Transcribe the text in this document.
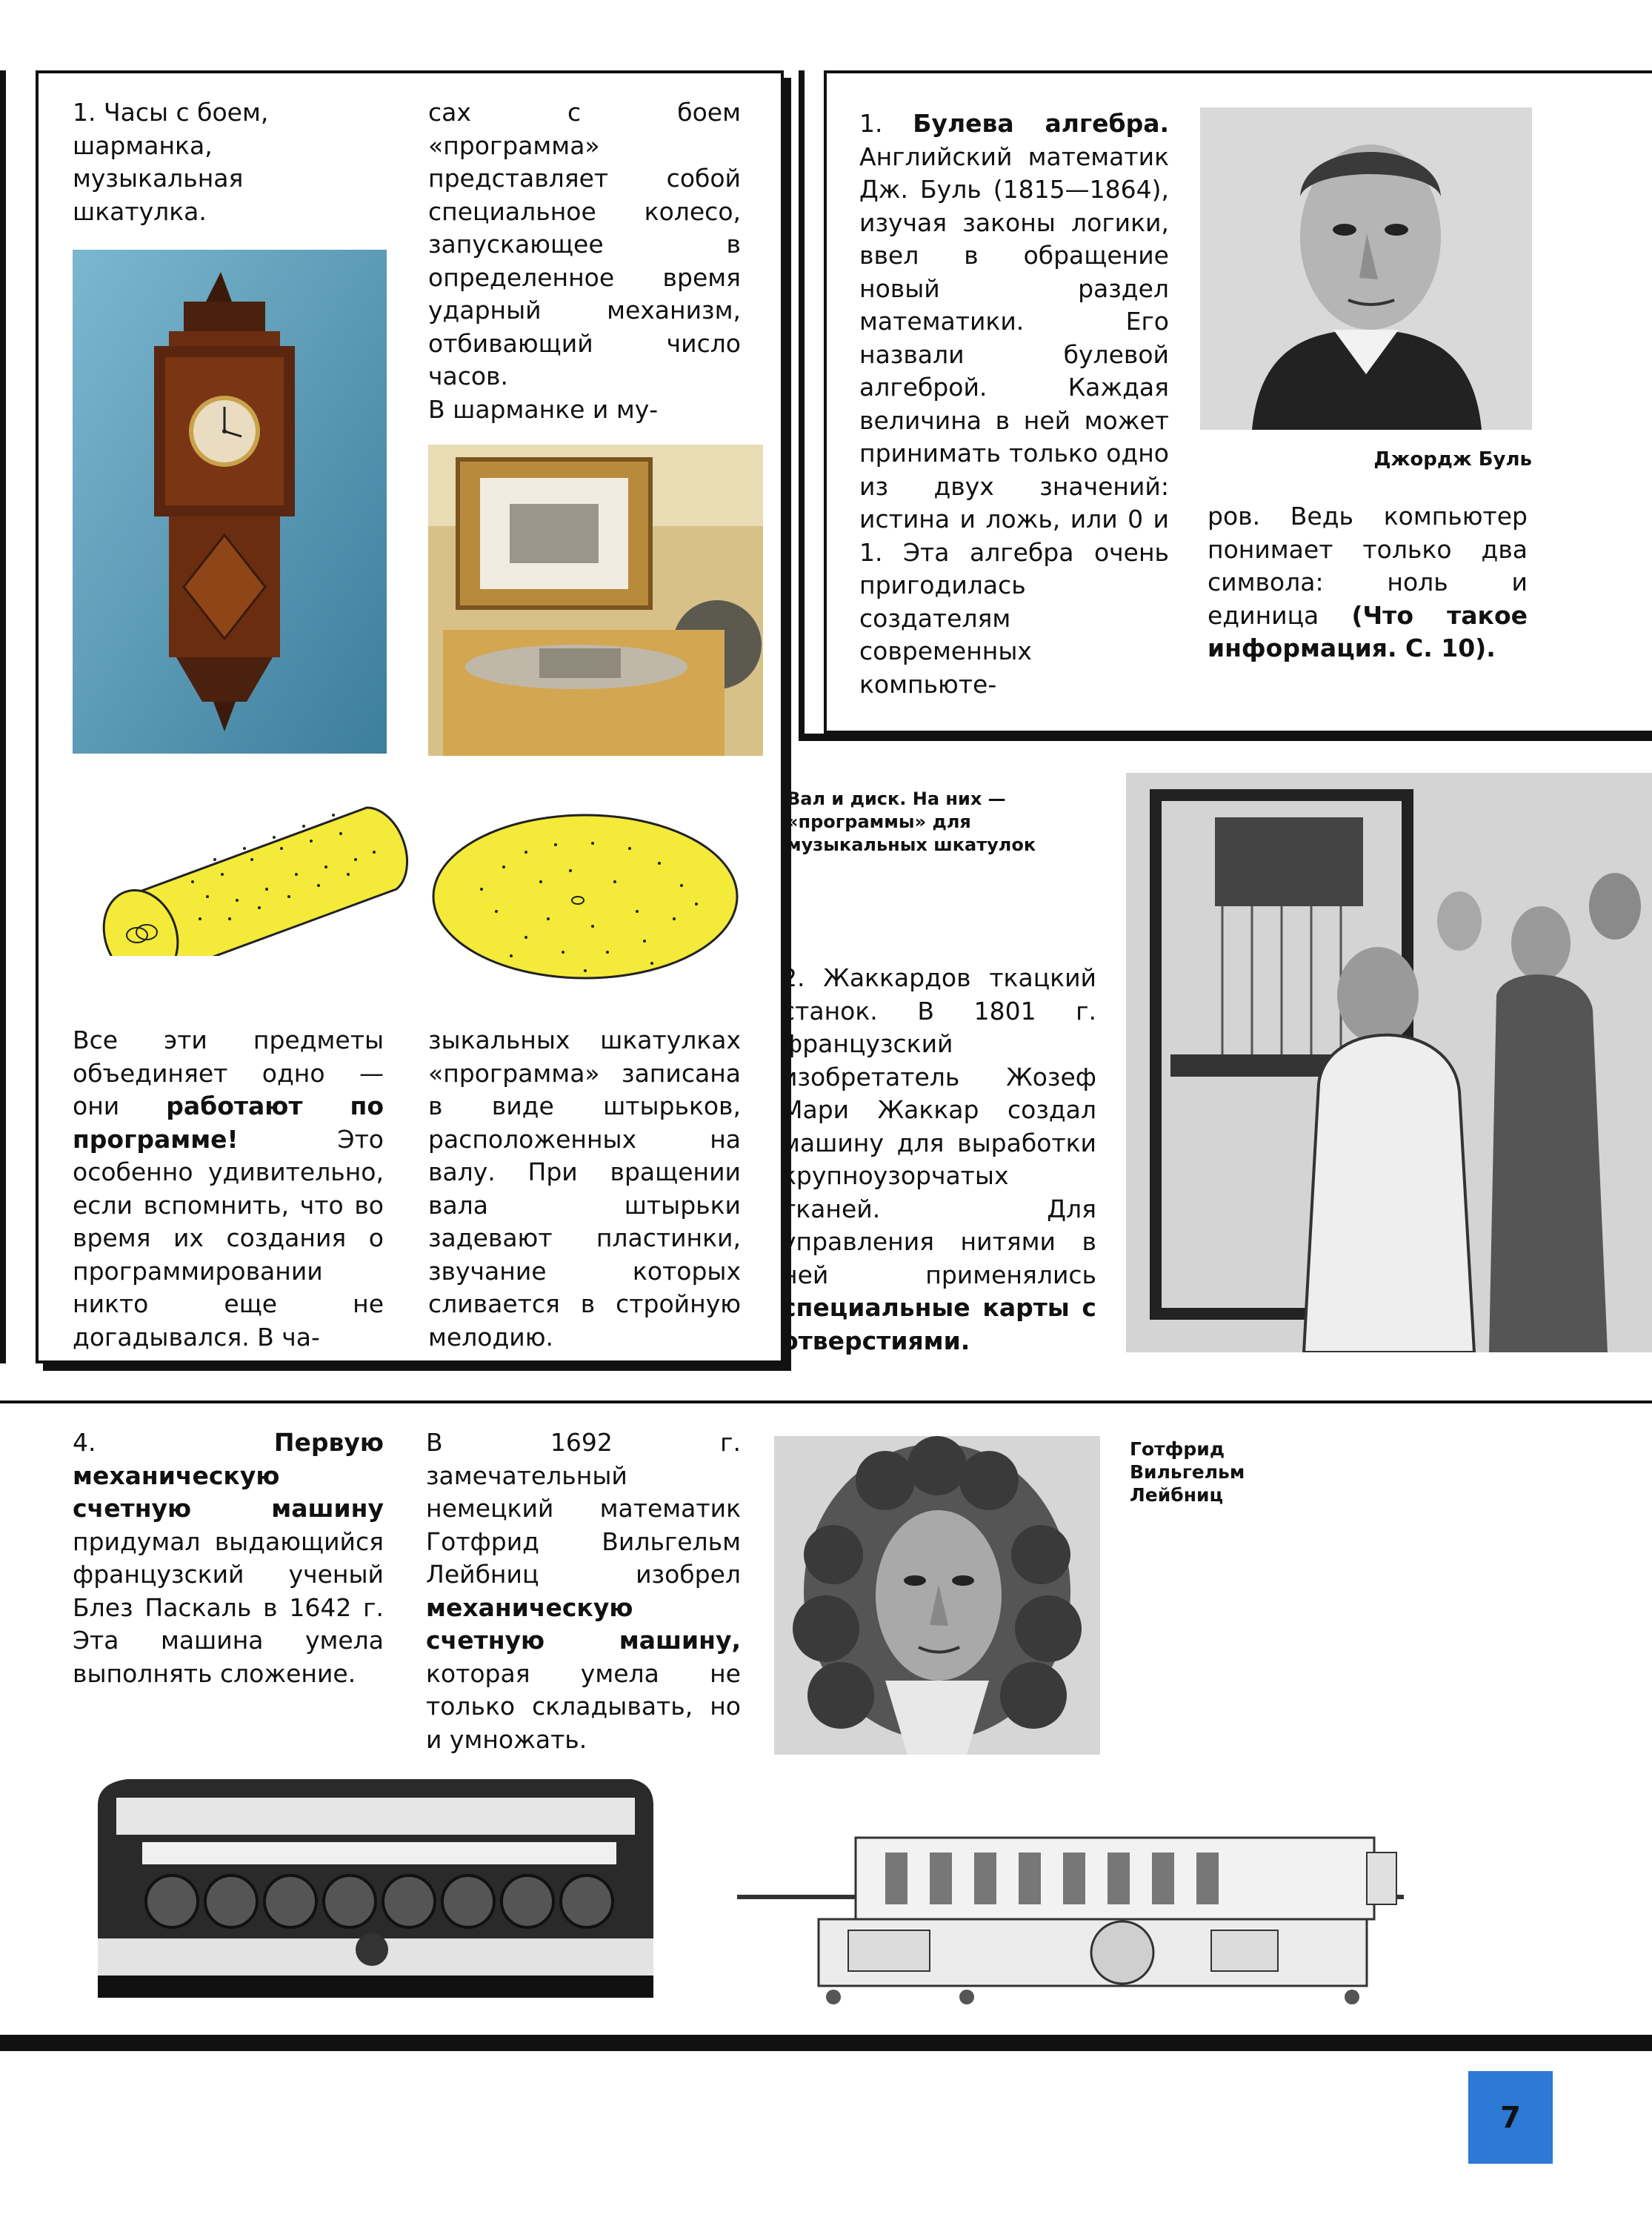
1. Часы с боем, шарманка, музыкальная шкатулка.
сах с боем «программа» представляет собой специальное колесо, запускающее в определенное время ударный механизм, отбивающий число часов.
В шарманке и му-
Вал и диск. На них — «программы» для музыкальных шкатулок
Все эти предметы объединяет одно — они работают по программе! Это особенно удивительно, если вспомнить, что во время их создания о программировании никто еще не догадывался. В ча-
зыкальных шкатулках «программа» записана в виде штырьков, расположенных на валу. При вращении вала штырьки задевают пластинки, звучание которых сливается в стройную мелодию.
1. Булева алгебра. Английский математик Дж. Буль (1815—1864), изучая законы логики, ввел в обращение новый раздел математики. Его назвали булевой алгеброй. Каждая величина в ней может принимать только одно из двух значений: истина и ложь, или 0 и 1. Эта алгебра очень пригодилась создателям современных компьюте-
Джордж Буль
ров. Ведь компьютер понимает только два символа: ноль и единица (Что такое информация. С. 10).
2. Жаккардов ткацкий станок. В 1801 г. французский изобретатель Жозеф Мари Жаккар создал машину для выработки крупноузорчатых тканей. Для управления нитями в ней применялись специальные карты с отверстиями.
4. Первую механическую счетную машину придумал выдающийся французский ученый Блез Паскаль в 1642 г. Эта машина умела выполнять сложение.
В 1692 г. замечательный немецкий математик Готфрид Вильгельм Лейбниц изобрел механическую счетную машину, которая умела не только складывать, но и умножать.
Готфрид
Вильгельм
Лейбниц
7
